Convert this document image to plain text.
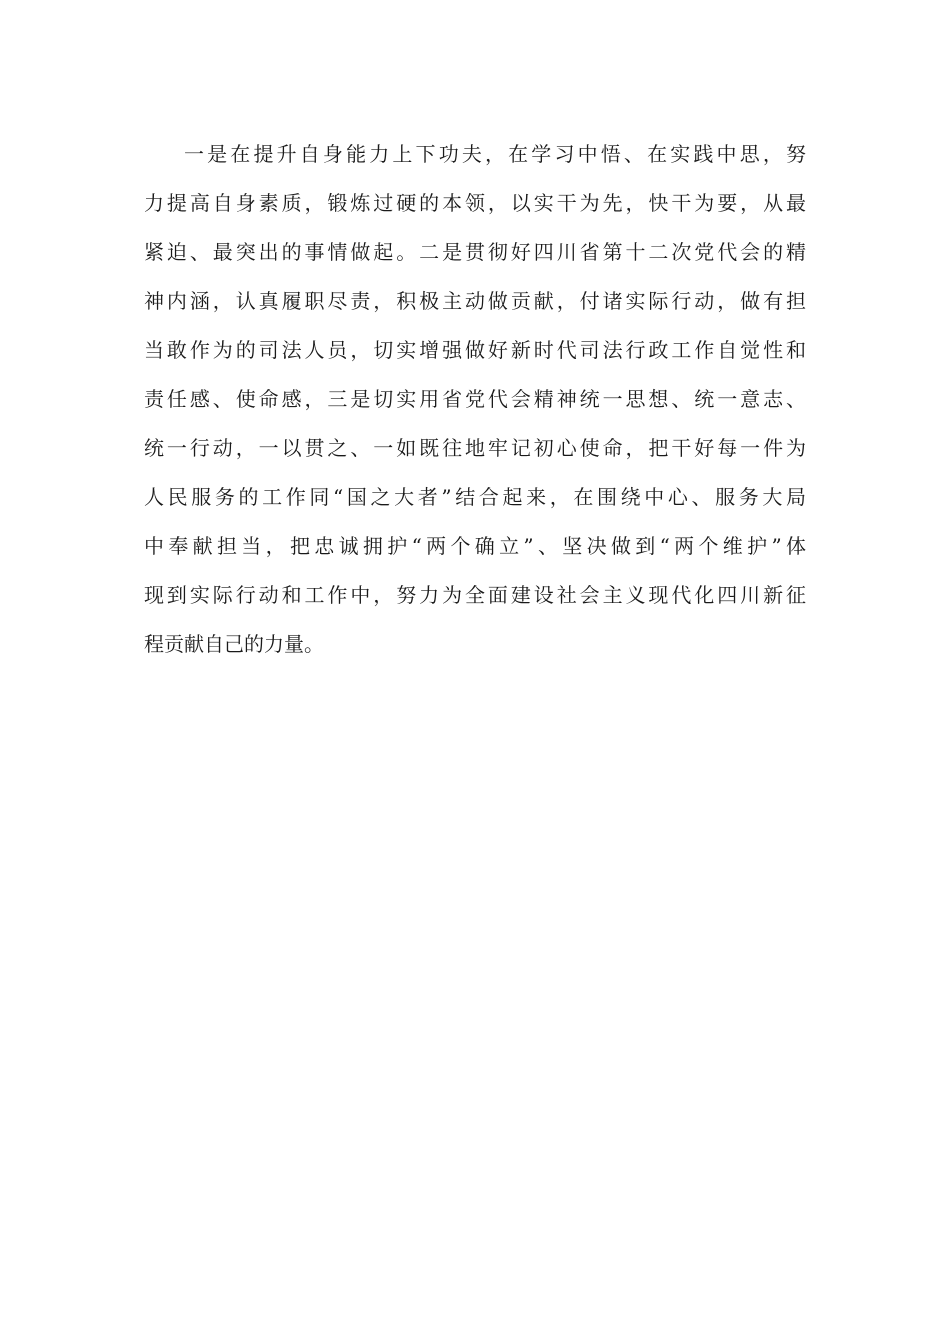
一是在提升自身能力上下功夫，在学习中悟、在实践中思，努
力提高自身素质，锻炼过硬的本领，以实干为先，快干为要，从最
紧迫、最突出的事情做起。二是贯彻好四川省第十二次党代会的精
神内涵，认真履职尽责，积极主动做贡献，付诸实际行动，做有担
当敢作为的司法人员，切实增强做好新时代司法行政工作自觉性和
责任感、使命感，三是切实用省党代会精神统一思想、统一意志、
统一行动，一以贯之、一如既往地牢记初心使命，把干好每一件为
人民服务的工作同“国之大者”结合起来，在围绕中心、服务大局
中奉献担当，把忠诚拥护“两个确立”、坚决做到“两个维护”体
现到实际行动和工作中，努力为全面建设社会主义现代化四川新征
程贡献自己的力量。
